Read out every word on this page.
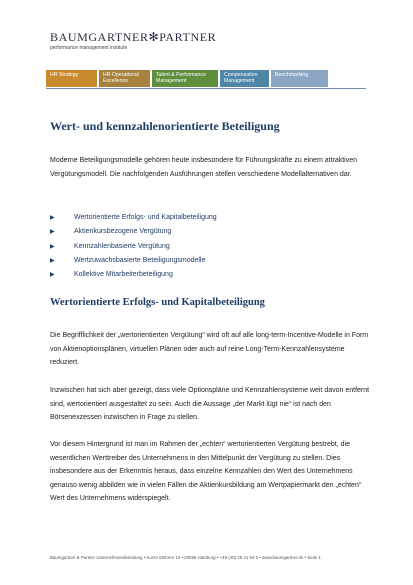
BAUMGARTNER✻PARTNER
performance management institute
HR Strategy	HR Operational Excellence
Talent & Performance Management
Compensation Management
Benchmarking
Wert- und kennzahlenorientierte Beteiligung

Moderne Beteiligungsmodelle gehören heute insbesondere für Führungskräfte zu einem attraktiven Vergütungsmodell. Die nachfolgenden Ausführungen stellen verschiedene Modellalternativen dar.

▶	Wertorientierte Erfolgs- und Kapitalbeteiligung
▶	Aktienkursbezogene Vergütung
▶	Kennzahlenbasierte Vergütung
▶	Wertzuwachsbasierte Beteiligungsmodelle
▶	Kollektive Mitarbeiterbeteiligung
Wertorientierte Erfolgs- und Kapitalbeteiligung

Die Begrifflichkeit der „wertorientierten Vergütung“ wird oft auf alle long-term-Incentive-Modelle in Form von Aktienoptionsplänen, virtuellen Plänen oder auch auf reine Long-Term-Kennzahlensysteme reduziert.

Inzwischen hat sich aber gezeigt, dass viele Optionspläne und Kennzahlensysteme weit davon entfernt sind, wertorientiert ausgestaltet zu sein. Auch die Aussage „der Markt lügt nie“ ist nach den Börsenexzessen inzwischen in Frage zu stellen.

Vor diesem Hintergrund ist man im Rahmen der „echten“ wertorientierten Vergütung bestrebt, die wesentlichen Werttreiber des Unternehmens in den Mittelpunkt der Vergütung zu stellen. Dies insbesondere aus der Erkenntnis heraus, dass einzelne Kennzahlen den Wert des Unternehmens genauso wenig abbilden wie in vielen Fällen die Aktienkursbildung am Wertpapiermarkt den „echten“ Wert des Unternehmens widerspiegelt.

Baumgartner & Partner Unternehmensberatung • Kurze Mühren 13 • 20095 Hamburg • +49 (40) 28 41 64 0 • www.baumgartner.de • Seite 1
